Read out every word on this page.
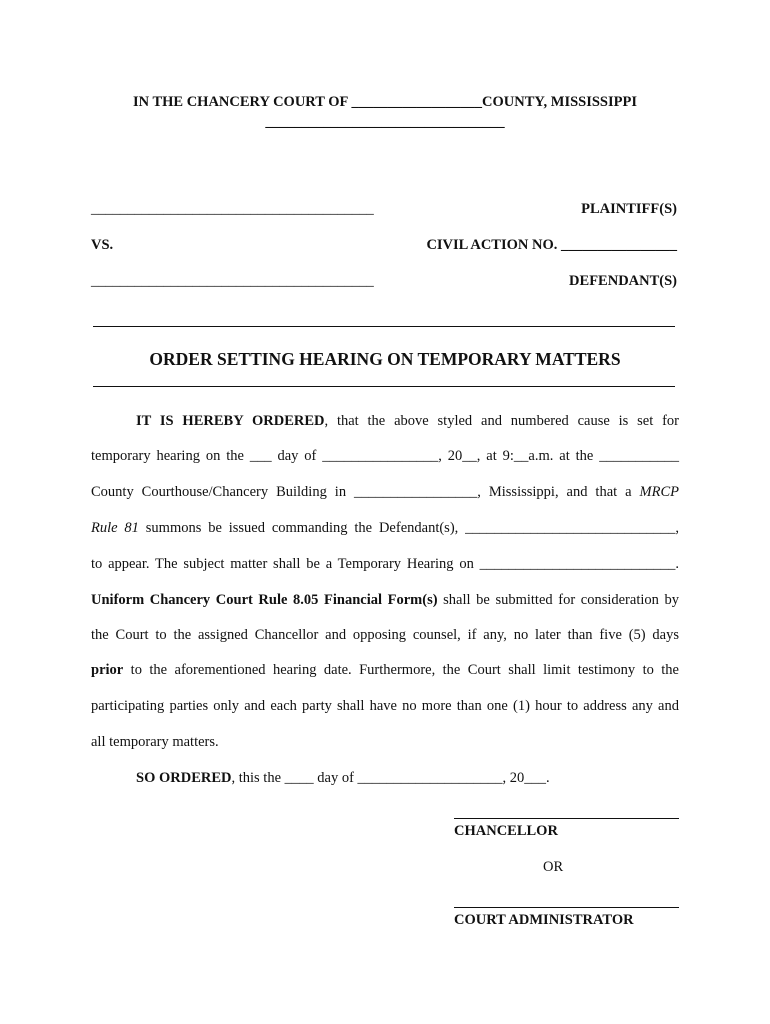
IN THE CHANCERY COURT OF __________________COUNTY, MISSISSIPPI
_________________________________
_______________________________________	PLAINTIFF(S)
VS.	CIVIL ACTION NO. ________________
_______________________________________	DEFENDANT(S)
ORDER SETTING HEARING ON TEMPORARY MATTERS
IT IS HEREBY ORDERED, that the above styled and numbered cause is set for
temporary hearing on the ___ day of ________________, 20__, at 9:__a.m. at the ___________
County Courthouse/Chancery Building in _________________, Mississippi, and that a MRCP
Rule 81 summons be issued commanding the Defendant(s), _____________________________,
to appear. The subject matter shall be a Temporary Hearing on ___________________________.
Uniform Chancery Court Rule 8.05 Financial Form(s) shall be submitted for consideration by
the Court to the assigned Chancellor and opposing counsel, if any, no later than five (5) days
prior to the aforementioned hearing date. Furthermore, the Court shall limit testimony to the
participating parties only and each party shall have no more than one (1) hour to address any and
all temporary matters.
SO ORDERED, this the ____ day of ____________________, 20___.
CHANCELLOR
OR
COURT ADMINISTRATOR
